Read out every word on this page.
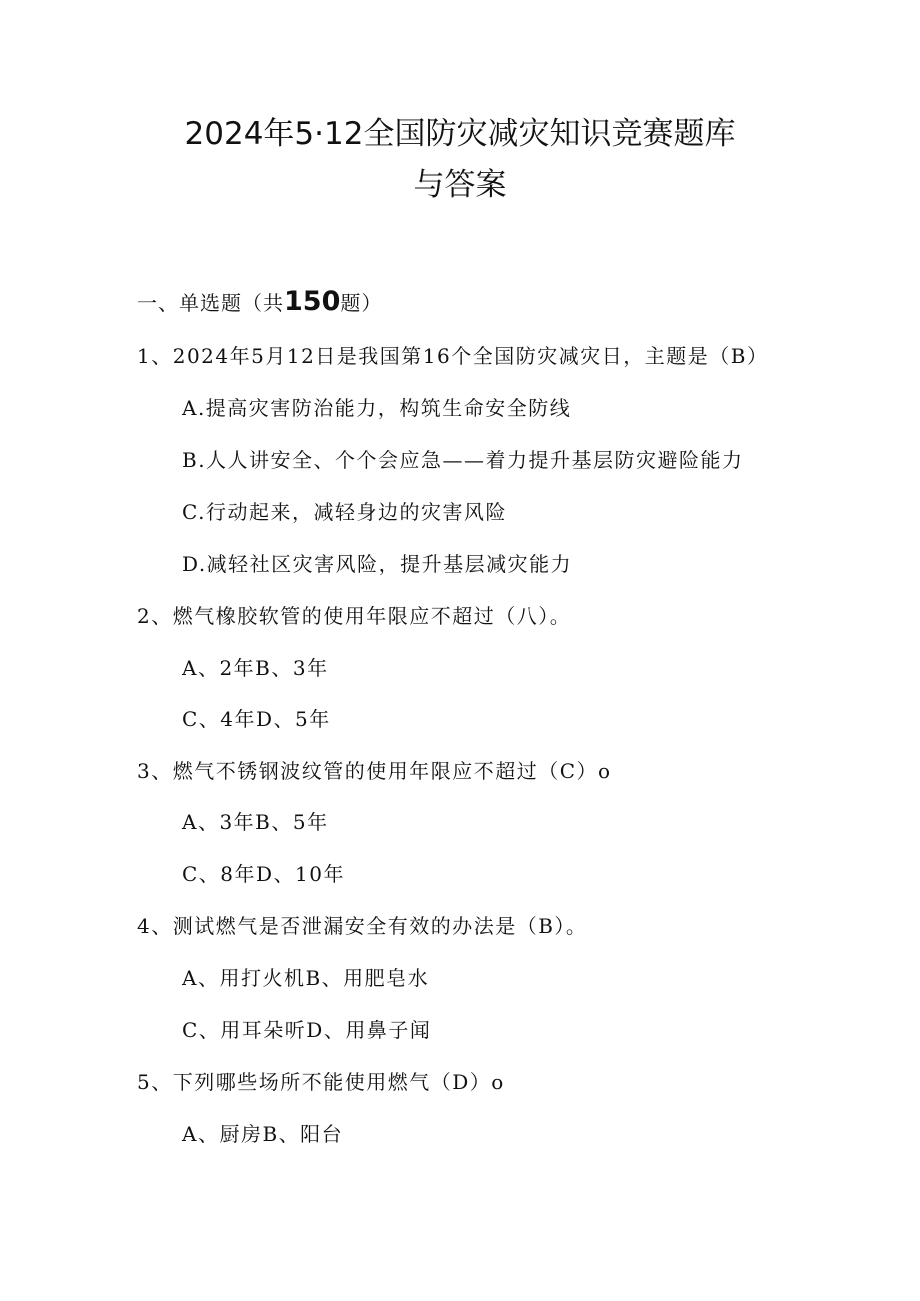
2024年5·12全国防灾减灾知识竞赛题库
与答案
一、单选题（共150题）
1、2024年5月12日是我国第16个全国防灾减灾日，主题是（B）
A.提高灾害防治能力，构筑生命安全防线
B.人人讲安全、个个会应急——着力提升基层防灾避险能力
C.行动起来，减轻身边的灾害风险
D.减轻社区灾害风险，提升基层减灾能力
2、燃气橡胶软管的使用年限应不超过（八）。
A、2年B、3年
C、4年D、5年
3、燃气不锈钢波纹管的使用年限应不超过（C）o
A、3年B、5年
C、8年D、10年
4、测试燃气是否泄漏安全有效的办法是（B）。
A、用打火机B、用肥皂水
C、用耳朵听D、用鼻子闻
5、下列哪些场所不能使用燃气（D）o
A、厨房B、阳台
